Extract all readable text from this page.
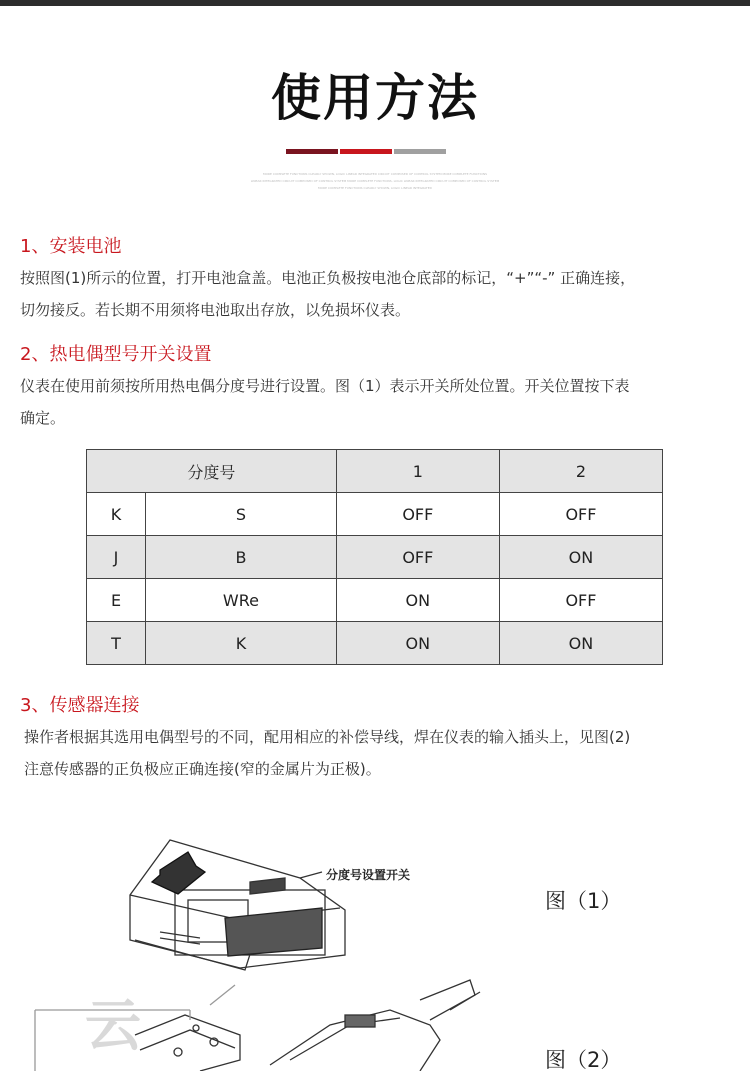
使用方法
MORE COMPLETE FUNCTIONS CLEARLY SHOWN, LOGIC LINEAR INTEGRATED CIRCUIT COMPOSED OF CONTROL SYSTEM MORE COMPLETE FUNCTIONS
LINEAR INTEGRATED CIRCUIT COMPOSED OF CONTROL SYSTEM MORE COMPLETE FUNCTIONS, LOGIC LINEAR INTEGRATED CIRCUIT COMPOSED OF CONTROL SYSTEM
MORE COMPLETE FUNCTIONS CLEARLY SHOWN, LOGIC LINEAR INTEGRATED
1、安装电池
按照图(1)所示的位置，打开电池盒盖。电池正负极按电池仓底部的标记，“+”“-” 正确连接，
切勿接反。若长期不用须将电池取出存放，以免损坏仪表。
2、热电偶型号开关设置
仪表在使用前须按所用热电偶分度号进行设置。图（1）表示开关所处位置。开关位置按下表
确定。
分度号		1	2
K	S	OFF	OFF
J	B	OFF	ON
E	WRe	ON	OFF
T	K	ON	ON
3、传感器连接
操作者根据其选用电偶型号的不同，配用相应的补偿导线，焊在仪表的输入插头上，见图(2)
注意传感器的正负极应正确连接(窄的金属片为正极)。
分度号设置开关
云
图（1）
图（2）
